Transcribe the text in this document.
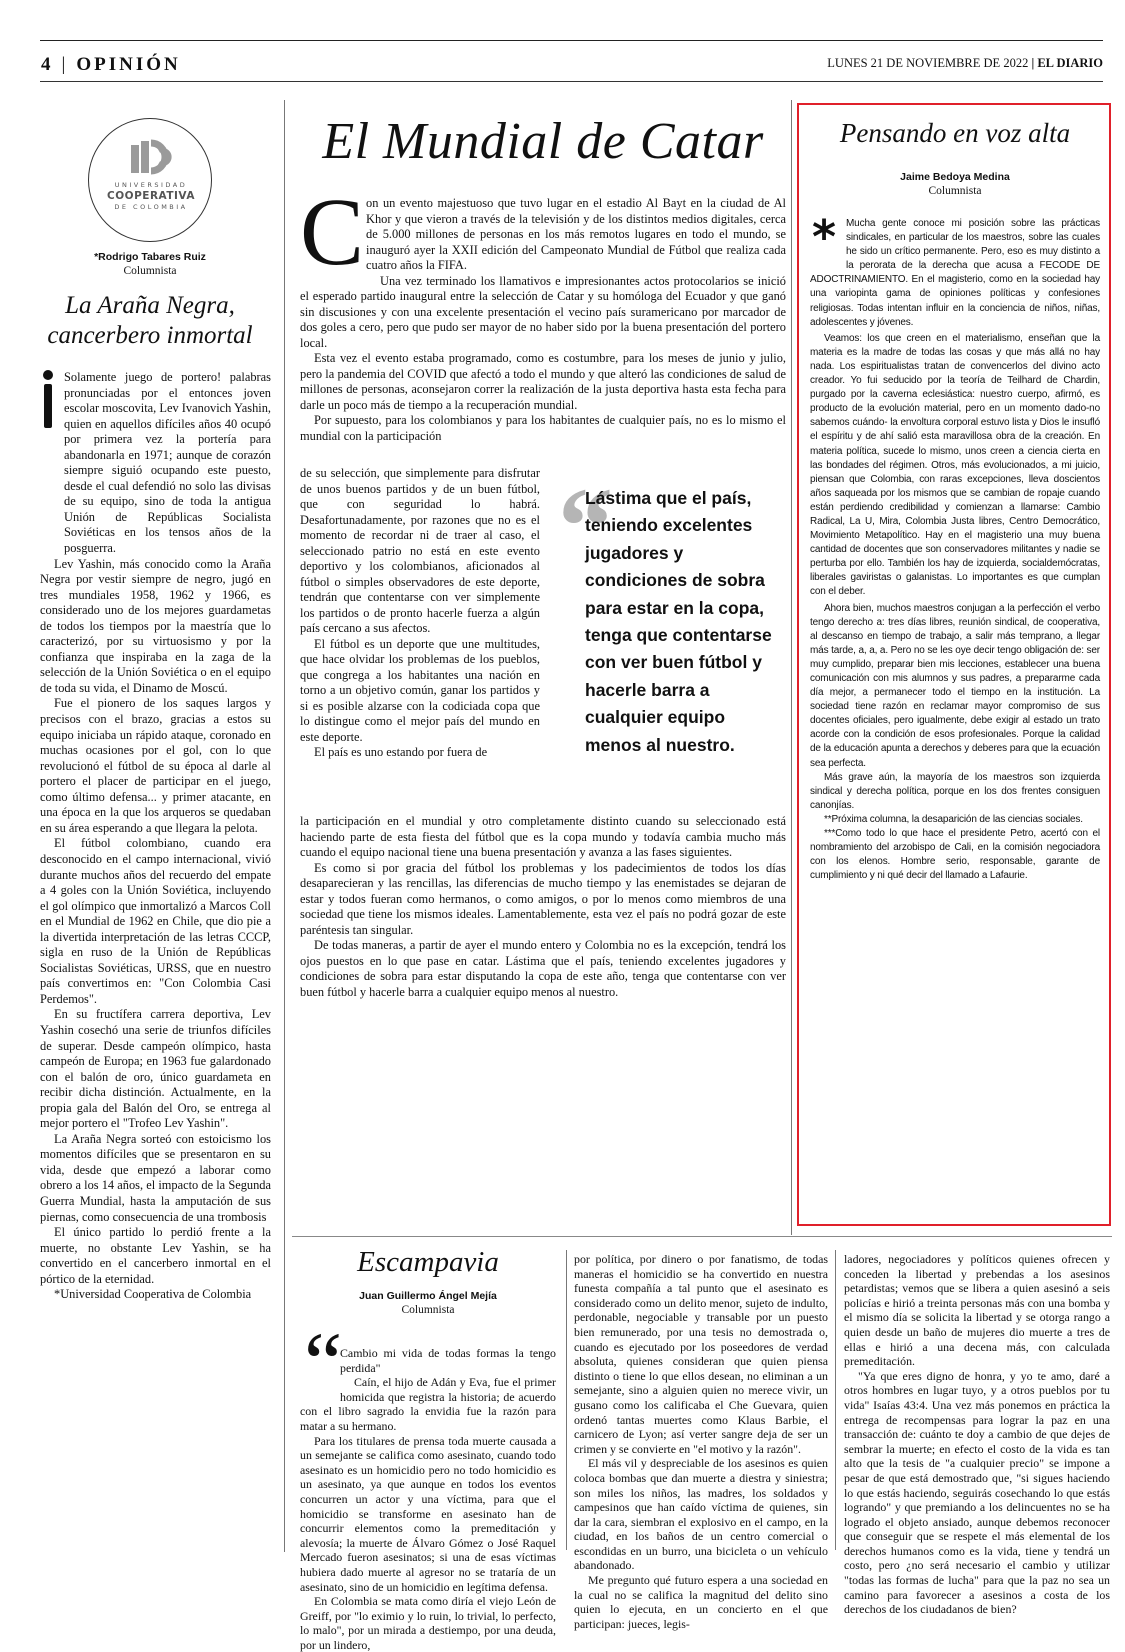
4 | OPINIÓN	LUNES 21 DE NOVIEMBRE DE 2022 | EL DIARIO
UNIVERSIDAD
COOPERATIVA
DE COLOMBIA
*Rodrigo Tabares Ruiz
Columnista
La Araña Negra,
cancerbero inmortal

Solamente juego de portero! palabras pronunciadas por el entonces joven escolar moscovita, Lev Ivanovich Yashin, quien en aquellos difíciles años 40 ocupó por primera vez la portería para abandonarla en 1971; aunque de corazón siempre siguió ocupando este puesto, desde el cual defendió no solo las divisas de su equipo, sino de toda la antigua Unión de Repúblicas Socialista Soviéticas en los tensos años de la posguerra.

Lev Yashin, más conocido como la Araña Negra por vestir siempre de negro, jugó en tres mundiales 1958, 1962 y 1966, es considerado uno de los mejores guardametas de todos los tiempos por la maestría que lo caracterizó, por su virtuosismo y por la confianza que inspiraba en la zaga de la selección de la Unión Soviética o en el equipo de toda su vida, el Dinamo de Moscú.

Fue el pionero de los saques largos y precisos con el brazo, gracias a estos su equipo iniciaba un rápido ataque, coronado en muchas ocasiones por el gol, con lo que revolucionó el fútbol de su época al darle al portero el placer de participar en el juego, como último defensa... y primer atacante, en una época en la que los arqueros se quedaban en su área esperando a que llegara la pelota.

El fútbol colombiano, cuando era desconocido en el campo internacional, vivió durante muchos años del recuerdo del empate a 4 goles con la Unión Soviética, incluyendo el gol olímpico que inmortalizó a Marcos Coll en el Mundial de 1962 en Chile, que dio pie a la divertida interpretación de las letras CCCP, sigla en ruso de la Unión de Repúblicas Socialistas Soviéticas, URSS, que en nuestro país convertimos en: "Con Colombia Casi Perdemos".

En su fructífera carrera deportiva, Lev Yashin cosechó una serie de triunfos difíciles de superar. Desde campeón olímpico, hasta campeón de Europa; en 1963 fue galardonado con el balón de oro, único guardameta en recibir dicha distinción. Actualmente, en la propia gala del Balón del Oro, se entrega al mejor portero el "Trofeo Lev Yashin".

La Araña Negra sorteó con estoicismo los momentos difíciles que se presentaron en su vida, desde que empezó a laborar como obrero a los 14 años, el impacto de la Segunda Guerra Mundial, hasta la amputación de sus piernas, como consecuencia de una trombosis

El único partido lo perdió frente a la muerte, no obstante Lev Yashin, se ha convertido en el cancerbero inmortal en el pórtico de la eternidad.

*Universidad Cooperativa de Colombia

El Mundial de Catar
C on un evento majestuoso que tuvo lugar en el estadio Al Bayt en la ciudad de Al Khor y que vieron a través de la televisión y de los distintos medios digitales, cerca de 5.000 millones de personas en los más remotos lugares en todo el mundo, se inauguró ayer la XXII edición del Campeonato Mundial de Fútbol que realiza cada cuatro años la FIFA.

Una vez terminado los llamativos e impresionantes actos protocolarios se inició el esperado partido inaugural entre la selección de Catar y su homóloga del Ecuador y que ganó sin discusiones y con una excelente presentación el vecino país suramericano por marcador de dos goles a cero, pero que pudo ser mayor de no haber sido por la buena presentación del portero local.

Esta vez el evento estaba programado, como es costumbre, para los meses de junio y julio, pero la pandemia del COVID que afectó a todo el mundo y que alteró las condiciones de salud de millones de personas, aconsejaron correr la realización de la justa deportiva hasta esta fecha para darle un poco más de tiempo a la recuperación mundial.

Por supuesto, para los colombianos y para los habitantes de cualquier país, no es lo mismo el mundial con la participación

de su selección, que simplemente para disfrutar de unos buenos partidos y de un buen fútbol, que con seguridad lo habrá. Desafortunadamente, por razones que no es el momento de recordar ni de traer al caso, el seleccionado patrio no está en este evento deportivo y los colombianos, aficionados al fútbol o simples observadores de este deporte, tendrán que contentarse con ver simplemente los partidos o de pronto hacerle fuerza a algún país cercano a sus afectos.

El fútbol es un deporte que une multitudes, que hace olvidar los problemas de los pueblos, que congrega a los habitantes una nación en torno a un objetivo común, ganar los partidos y si es posible alzarse con la codiciada copa que lo distingue como el mejor país del mundo en este deporte.

El país es uno estando por fuera de

la participación en el mundial y otro completamente distinto cuando su seleccionado está haciendo parte de esta fiesta del fútbol que es la copa mundo y todavía cambia mucho más cuando el equipo nacional tiene una buena presentación y avanza a las fases siguientes.

Es como si por gracia del fútbol los problemas y los padecimientos de todos los días desaparecieran y las rencillas, las diferencias de mucho tiempo y las enemistades se dejaran de estar y todos fueran como hermanos, o como amigos, o por lo menos como miembros de una sociedad que tiene los mismos ideales. Lamentablemente, esta vez el país no podrá gozar de este paréntesis tan singular.

De todas maneras, a partir de ayer el mundo entero y Colombia no es la excepción, tendrá los ojos puestos en lo que pase en catar. Lástima que el país, teniendo excelentes jugadores y condiciones de sobra para estar disputando la copa de este año, tenga que contentarse con ver buen fútbol y hacerle barra a cualquier equipo menos al nuestro.

“
Lástima que el país, teniendo excelentes jugadores y condiciones de sobra para estar en la copa, tenga que contentarse con ver buen fútbol y hacerle barra a cualquier equipo menos al nuestro.
Pensando en voz alta
Jaime Bedoya Medina
Columnista
* Mucha gente conoce mi posición sobre las prácticas sindicales, en particular de los maestros, sobre las cuales he sido un crítico permanente. Pero, eso es muy distinto a la perorata de la derecha que acusa a FECODE DE ADOCTRINAMIENTO. En el magisterio, como en la sociedad hay una variopinta gama de opiniones políticas y confesiones religiosas. Todas intentan influir en la conciencia de niños, niñas, adolescentes y jóvenes.

Veamos: los que creen en el materialismo, enseñan que la materia es la madre de todas las cosas y que más allá no hay nada. Los espiritualistas tratan de convencerlos del divino acto creador. Yo fui seducido por la teoría de Teilhard de Chardin, purgado por la caverna eclesiástica: nuestro cuerpo, afirmó, es producto de la evolución material, pero en un momento dado-no sabemos cuándo- la envoltura corporal estuvo lista y Dios le insufló el espíritu y de ahí salió esta maravillosa obra de la creación. En materia política, sucede lo mismo, unos creen a ciencia cierta en las bondades del régimen. Otros, más evolucionados, a mi juicio, piensan que Colombia, con raras excepciones, lleva doscientos años saqueada por los mismos que se cambian de ropaje cuando están perdiendo credibilidad y comienzan a llamarse: Cambio Radical, La U, Mira, Colombia Justa libres, Centro Democrático, Movimiento Metapolítico. Hay en el magisterio una muy buena cantidad de docentes que son conservadores militantes y nadie se perturba por ello. También los hay de izquierda, socialdemócratas, liberales gaviristas o galanistas. Lo importantes es que cumplan con el deber.

Ahora bien, muchos maestros conjugan a la perfección el verbo tengo derecho a: tres días libres, reunión sindical, de cooperativa, al descanso en tiempo de trabajo, a salir más temprano, a llegar más tarde, a, a, a. Pero no se les oye decir tengo obligación de: ser muy cumplido, preparar bien mis lecciones, establecer una buena comunicación con mis alumnos y sus padres, a prepararme cada día mejor, a permanecer todo el tiempo en la institución. La sociedad tiene razón en reclamar mayor compromiso de sus docentes oficiales, pero igualmente, debe exigir al estado un trato acorde con la condición de esos profesionales. Porque la calidad de la educación apunta a derechos y deberes para que la ecuación sea perfecta.

Más grave aún, la mayoría de los maestros son izquierda sindical y derecha política, porque en los dos frentes consiguen canonjías.

**Próxima columna, la desaparición de las ciencias sociales.

***Como todo lo que hace el presidente Petro, acertó con el nombramiento del arzobispo de Cali, en la comisión negociadora con los elenos. Hombre serio, responsable, garante de cumplimiento y ni qué decir del llamado a Lafaurie.

Escampavia
Juan Guillermo Ángel Mejía
Columnista
“

Cambio mi vida de todas formas la tengo perdida"

Caín, el hijo de Adán y Eva, fue el primer homicida que registra la historia; de acuerdo con el libro sagrado la envidia fue la razón para matar a su hermano.

Para los titulares de prensa toda muerte causada a un semejante se califica como asesinato, cuando todo asesinato es un homicidio pero no todo homicidio es un asesinato, ya que aunque en todos los eventos concurren un actor y una víctima, para que el homicidio se transforme en asesinato han de concurrir elementos como la premeditación y alevosía; la muerte de Álvaro Gómez o José Raquel Mercado fueron asesinatos; si una de esas víctimas hubiera dado muerte al agresor no se trataría de un asesinato, sino de un homicidio en legítima defensa.

En Colombia se mata como diría el viejo León de Greiff, por "lo eximio y lo ruin, lo trivial, lo perfecto, lo malo", por un mirada a destiempo, por una deuda, por un lindero,

por política, por dinero o por fanatismo, de todas maneras el homicidio se ha convertido en nuestra funesta compañía a tal punto que el asesinato es considerado como un delito menor, sujeto de indulto, perdonable, negociable y transable por un puesto bien remunerado, por una tesis no demostrada o, cuando es ejecutado por los poseedores de verdad absoluta, quienes consideran que quien piensa distinto o tiene lo que ellos desean, no eliminan a un semejante, sino a alguien quien no merece vivir, un gusano como los calificaba el Che Guevara, quien ordenó tantas muertes como Klaus Barbie, el carnicero de Lyon; así verter sangre deja de ser un crimen y se convierte en "el motivo y la razón".

El más vil y despreciable de los asesinos es quien coloca bombas que dan muerte a diestra y siniestra; son miles los niños, las madres, los soldados y campesinos que han caído víctima de quienes, sin dar la cara, siembran el explosivo en el campo, en la ciudad, en los baños de un centro comercial o escondidas en un burro, una bicicleta o un vehículo abandonado.

Me pregunto qué futuro espera a una sociedad en la cual no se califica la magnitud del delito sino quien lo ejecuta, en un concierto en el que participan: jueces, legis-

ladores, negociadores y políticos quienes ofrecen y conceden la libertad y prebendas a los asesinos petardistas; vemos que se libera a quien asesinó a seis policías e hirió a treinta personas más con una bomba y el mismo día se solicita la libertad y se otorga rango a quien desde un baño de mujeres dio muerte a tres de ellas e hirió a una decena más, con calculada premeditación.

"Ya que eres digno de honra, y yo te amo, daré a otros hombres en lugar tuyo, y a otros pueblos por tu vida" Isaías 43:4. Una vez más ponemos en práctica la entrega de recompensas para lograr la paz en una transacción de: cuánto te doy a cambio de que dejes de sembrar la muerte; en efecto el costo de la vida es tan alto que la tesis de "a cualquier precio" se impone a pesar de que está demostrado que, "si sigues haciendo lo que estás haciendo, seguirás cosechando lo que estás logrando" y que premiando a los delincuentes no se ha logrado el objeto ansiado, aunque debemos reconocer que conseguir que se respete el más elemental de los derechos humanos como es la vida, tiene y tendrá un costo, pero ¿no será necesario el cambio y utilizar "todas las formas de lucha" para que la paz no sea un camino para favorecer a asesinos a costa de los derechos de los ciudadanos de bien?
